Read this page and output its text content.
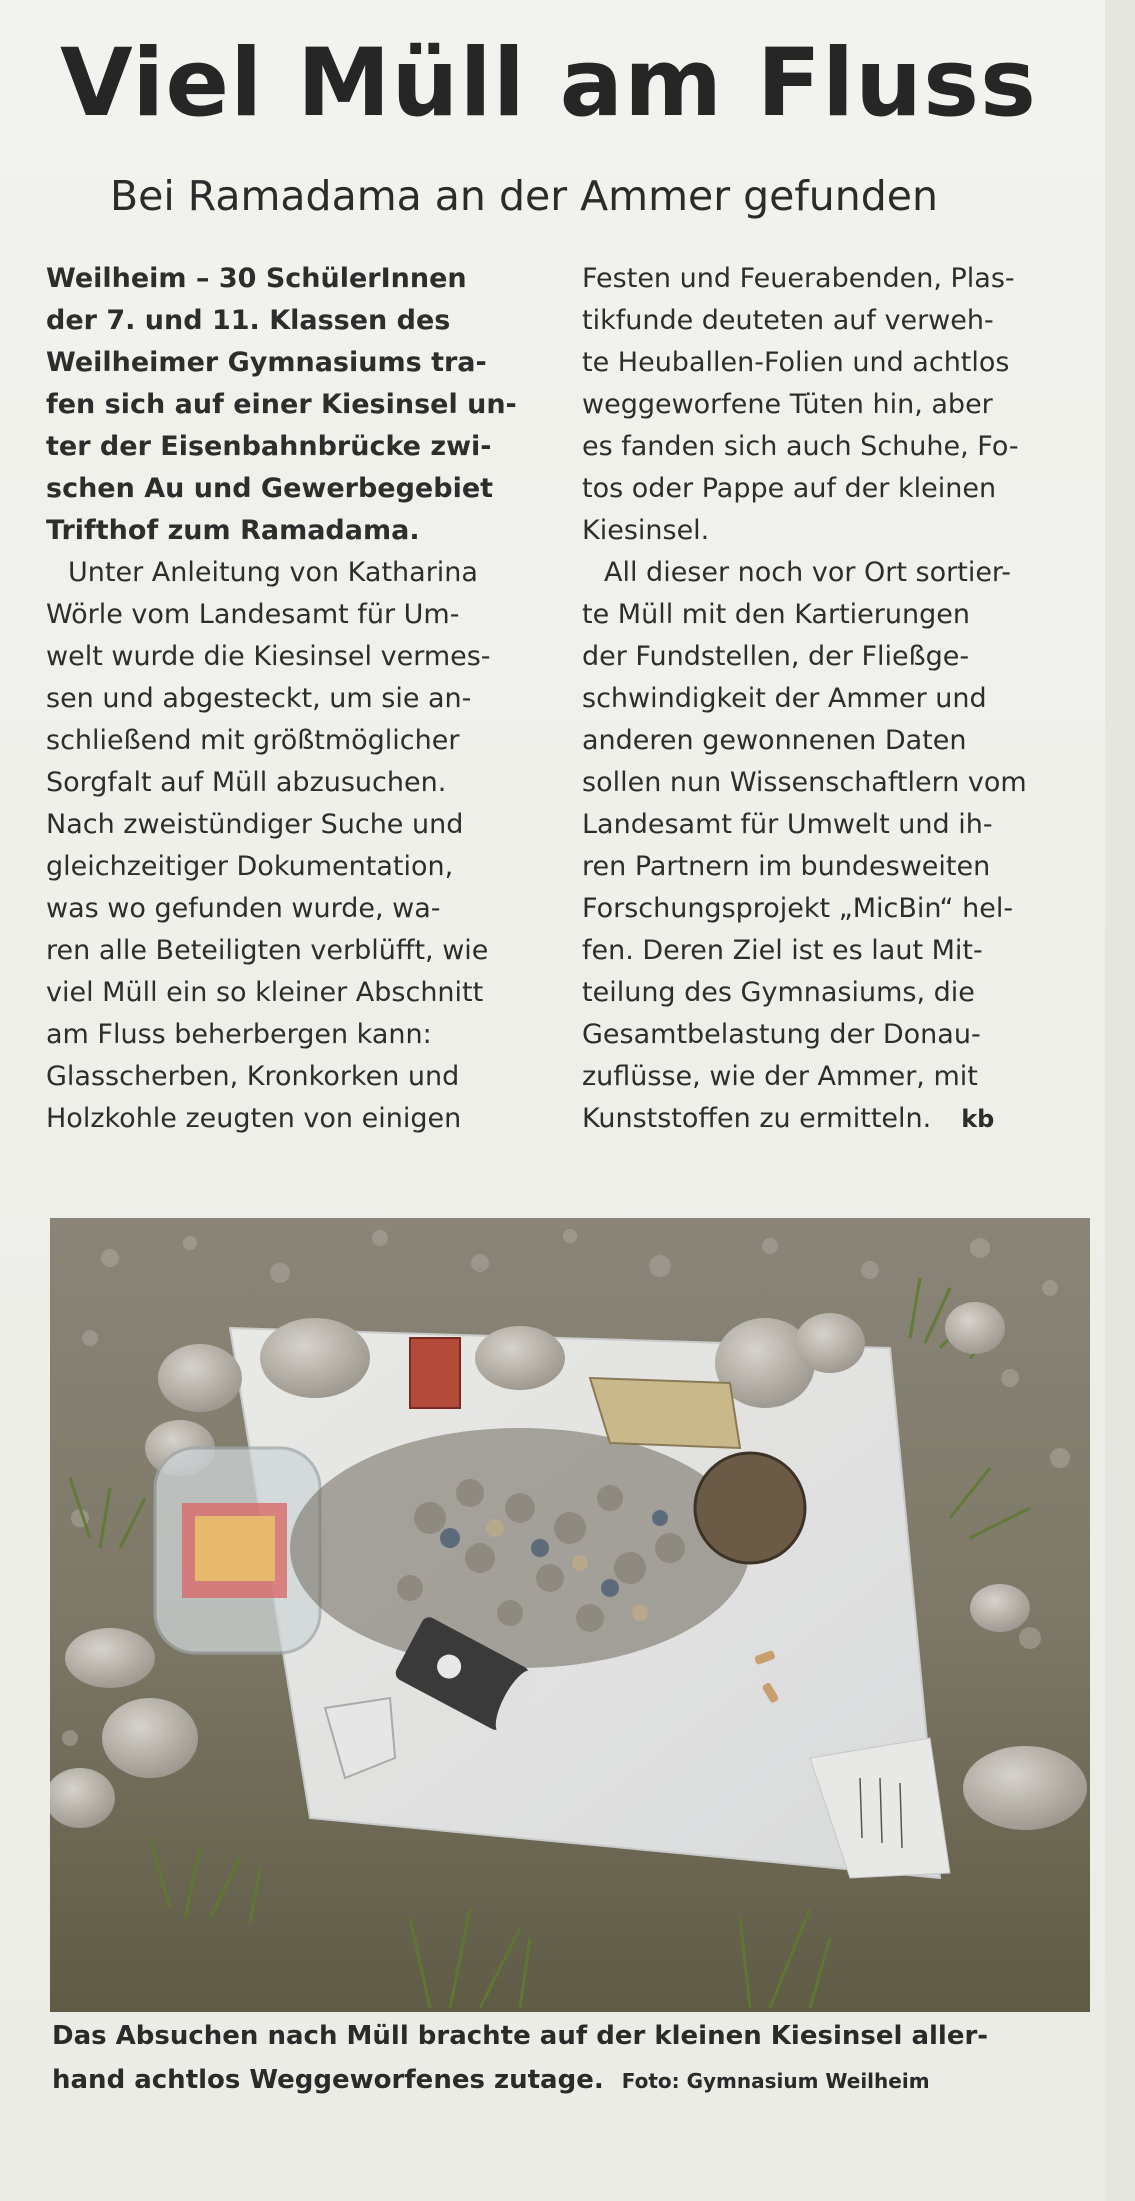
Viel Müll am Fluss
Bei Ramadama an der Ammer gefunden
Weilheim – 30 SchülerInnen
der 7. und 11. Klassen des
Weilheimer Gymnasiums tra-
fen sich auf einer Kiesinsel un-
ter der Eisenbahnbrücke zwi-
schen Au und Gewerbegebiet
Trifthof zum Ramadama.
Unter Anleitung von Katharina
Wörle vom Landesamt für Um-
welt wurde die Kiesinsel vermes-
sen und abgesteckt, um sie an-
schließend mit größtmöglicher
Sorgfalt auf Müll abzusuchen.
Nach zweistündiger Suche und
gleichzeitiger Dokumentation,
was wo gefunden wurde, wa-
ren alle Beteiligten verblüfft, wie
viel Müll ein so kleiner Abschnitt
am Fluss beherbergen kann:
Glasscherben, Kronkorken und
Holzkohle zeugten von einigen
Festen und Feuerabenden, Plas-
tikfunde deuteten auf verweh-
te Heuballen-Folien und achtlos
weggeworfene Tüten hin, aber
es fanden sich auch Schuhe, Fo-
tos oder Pappe auf der kleinen
Kiesinsel.
All dieser noch vor Ort sortier-
te Müll mit den Kartierungen
der Fundstellen, der Fließge-
schwindigkeit der Ammer und
anderen gewonnenen Daten
sollen nun Wissenschaftlern vom
Landesamt für Umwelt und ih-
ren Partnern im bundesweiten
Forschungsprojekt „MicBin“ hel-
fen. Deren Ziel ist es laut Mit-
teilung des Gymnasiums, die
Gesamtbelastung der Donau-
zuflüsse, wie der Ammer, mit
Kunststoffen zu ermitteln. kb
Das Absuchen nach Müll brachte auf der kleinen Kiesinsel aller-
hand achtlos Weggeworfenes zutage. Foto: Gymnasium Weilheim
